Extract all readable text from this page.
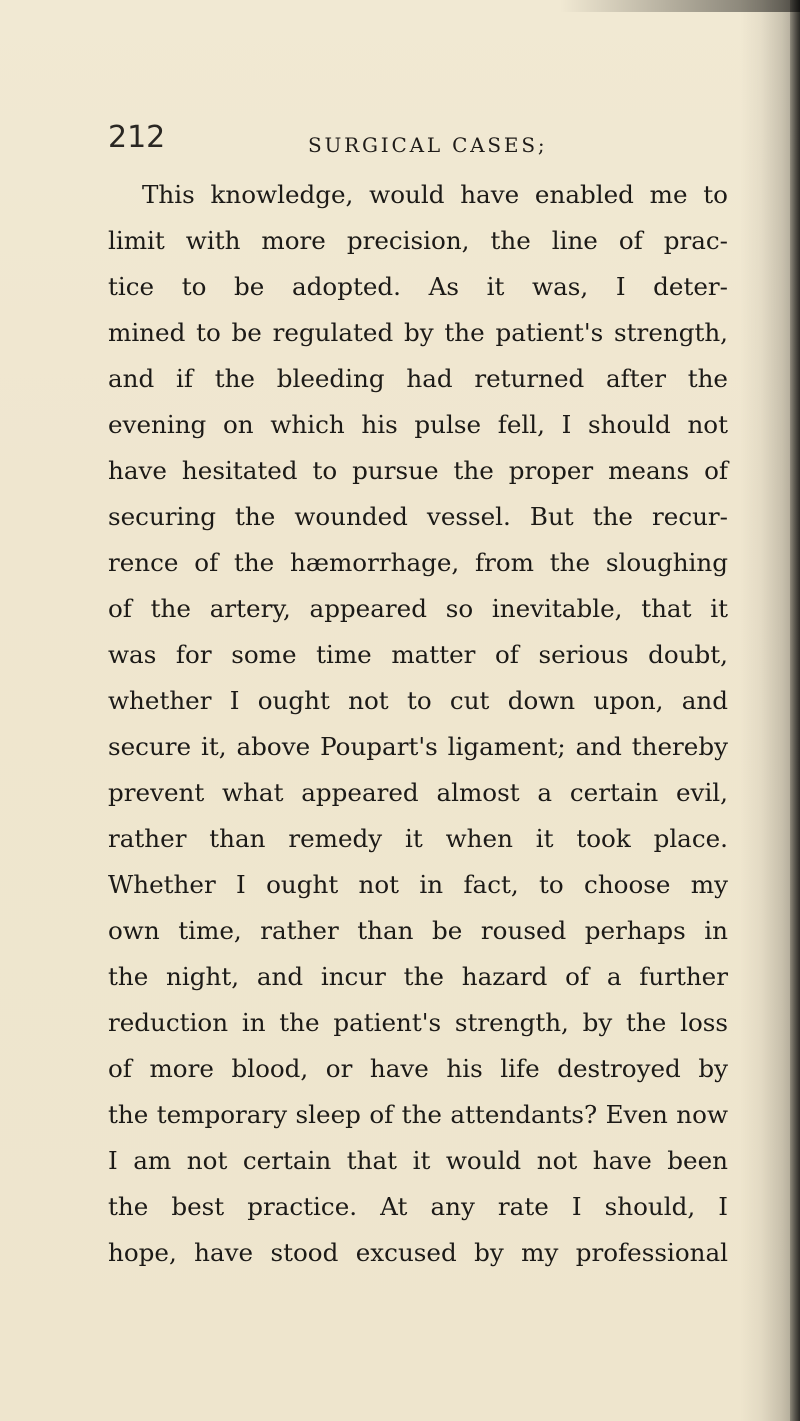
212	SURGICAL CASES;
This knowledge, would have enabled me to
limit with more precision, the line of prac-
tice to be adopted. As it was, I deter-
mined to be regulated by the patient's strength,
and if the bleeding had returned after the
evening on which his pulse fell, I should not
have hesitated to pursue the proper means of
securing the wounded vessel. But the recur-
rence of the hæmorrhage, from the sloughing
of the artery, appeared so inevitable, that it
was for some time matter of serious doubt,
whether I ought not to cut down upon, and
secure it, above Poupart's ligament; and thereby
prevent what appeared almost a certain evil,
rather than remedy it when it took place.
Whether I ought not in fact, to choose my
own time, rather than be roused perhaps in
the night, and incur the hazard of a further
reduction in the patient's strength, by the loss
of more blood, or have his life destroyed by
the temporary sleep of the attendants? Even now
I am not certain that it would not have been
the best practice. At any rate I should, I
hope, have stood excused by my professional
